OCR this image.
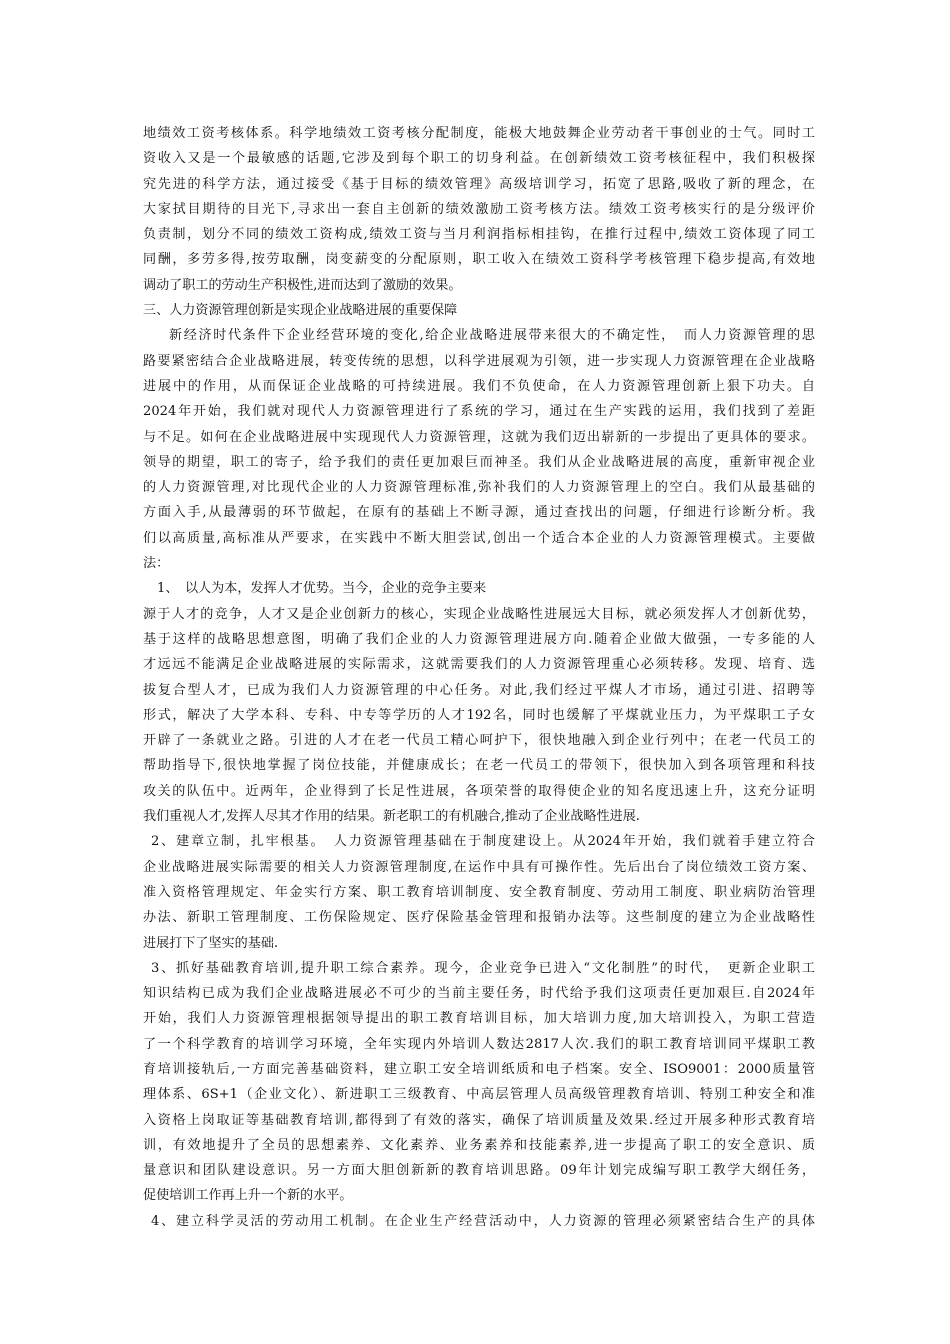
地绩效工资考核体系。科学地绩效工资考核分配制度，能极大地鼓舞企业劳动者干事创业的士气。同时工
资收入又是一个最敏感的话题,它涉及到每个职工的切身利益。在创新绩效工资考核征程中，我们积极探
究先进的科学方法，通过接受《基于目标的绩效管理》高级培训学习，拓宽了思路,吸收了新的理念，在
大家拭目期待的目光下,寻求出一套自主创新的绩效激励工资考核方法。绩效工资考核实行的是分级评价
负责制，划分不同的绩效工资构成,绩效工资与当月利润指标相挂钩，在推行过程中,绩效工资体现了同工
同酬，多劳多得,按劳取酬，岗变薪变的分配原则，职工收入在绩效工资科学考核管理下稳步提高,有效地
调动了职工的劳动生产积极性,进而达到了激励的效果。
三、人力资源管理创新是实现企业战略进展的重要保障
新经济时代条件下企业经营环境的变化,给企业战略进展带来很大的不确定性，　而人力资源管理的思
路要紧密结合企业战略进展，转变传统的思想，以科学进展观为引领，进一步实现人力资源管理在企业战略
进展中的作用，从而保证企业战略的可持续进展。我们不负使命，在人力资源管理创新上狠下功夫。自
2024年开始，我们就对现代人力资源管理进行了系统的学习，通过在生产实践的运用，我们找到了差距
与不足。如何在企业战略进展中实现现代人力资源管理，这就为我们迈出崭新的一步提出了更具体的要求。
领导的期望，职工的寄子，给予我们的责任更加艰巨而神圣。我们从企业战略进展的高度，重新审视企业
的人力资源管理,对比现代企业的人力资源管理标准,弥补我们的人力资源管理上的空白。我们从最基础的
方面入手,从最薄弱的环节做起，在原有的基础上不断寻源，通过查找出的问题，仔细进行诊断分析。我
们以高质量,高标准从严要求，在实践中不断大胆尝试,创出一个适合本企业的人力资源管理模式。主要做
法：
1、　以人为本，发挥人才优势。当今，企业的竞争主要来
源于人才的竞争，人才又是企业创新力的核心，实现企业战略性进展远大目标，就必须发挥人才创新优势，
基于这样的战略思想意图，明确了我们企业的人力资源管理进展方向.随着企业做大做强，一专多能的人
才远远不能满足企业战略进展的实际需求，这就需要我们的人力资源管理重心必须转移。发现、培育、选
拔复合型人才，已成为我们人力资源管理的中心任务。对此,我们经过平煤人才市场，通过引进、招聘等
形式，解决了大学本科、专科、中专等学历的人才192名，同时也缓解了平煤就业压力，为平煤职工子女
开辟了一条就业之路。引进的人才在老一代员工精心呵护下，很快地融入到企业行列中；在老一代员工的
帮助指导下,很快地掌握了岗位技能，并健康成长；在老一代员工的带领下，很快加入到各项管理和科技
攻关的队伍中。近两年，企业得到了长足性进展，各项荣誉的取得使企业的知名度迅速上升，这充分证明
我们重视人才,发挥人尽其才作用的结果。新老职工的有机融合,推动了企业战略性进展.
2、建章立制，扎牢根基。　人力资源管理基础在于制度建设上。从2024年开始，我们就着手建立符合
企业战略进展实际需要的相关人力资源管理制度,在运作中具有可操作性。先后出台了岗位绩效工资方案、
准入资格管理规定、年金实行方案、职工教育培训制度、安全教育制度、劳动用工制度、职业病防治管理
办法、新职工管理制度、工伤保险规定、医疗保险基金管理和报销办法等。这些制度的建立为企业战略性
进展打下了坚实的基础.
3、抓好基础教育培训,提升职工综合素养。现今，企业竞争已进入“文化制胜”的时代，　更新企业职工
知识结构已成为我们企业战略进展必不可少的当前主要任务，时代给予我们这项责任更加艰巨.自2024年
开始，我们人力资源管理根据领导提出的职工教育培训目标，加大培训力度,加大培训投入，为职工营造
了一个科学教育的培训学习环境，全年实现内外培训人数达2817人次.我们的职工教育培训同平煤职工教
育培训接轨后,一方面完善基础资料，建立职工安全培训纸质和电子档案。安全、ISO9001：2000质量管
理体系、6S+1（企业文化）、新进职工三级教育、中高层管理人员高级管理教育培训、特别工种安全和准
入资格上岗取证等基础教育培训,都得到了有效的落实，确保了培训质量及效果.经过开展多种形式教育培
训，有效地提升了全员的思想素养、文化素养、业务素养和技能素养,进一步提高了职工的安全意识、质
量意识和团队建设意识。另一方面大胆创新新的教育培训思路。09年计划完成编写职工教学大纲任务，
促使培训工作再上升一个新的水平。
4、建立科学灵活的劳动用工机制。在企业生产经营活动中，人力资源的管理必须紧密结合生产的具体
